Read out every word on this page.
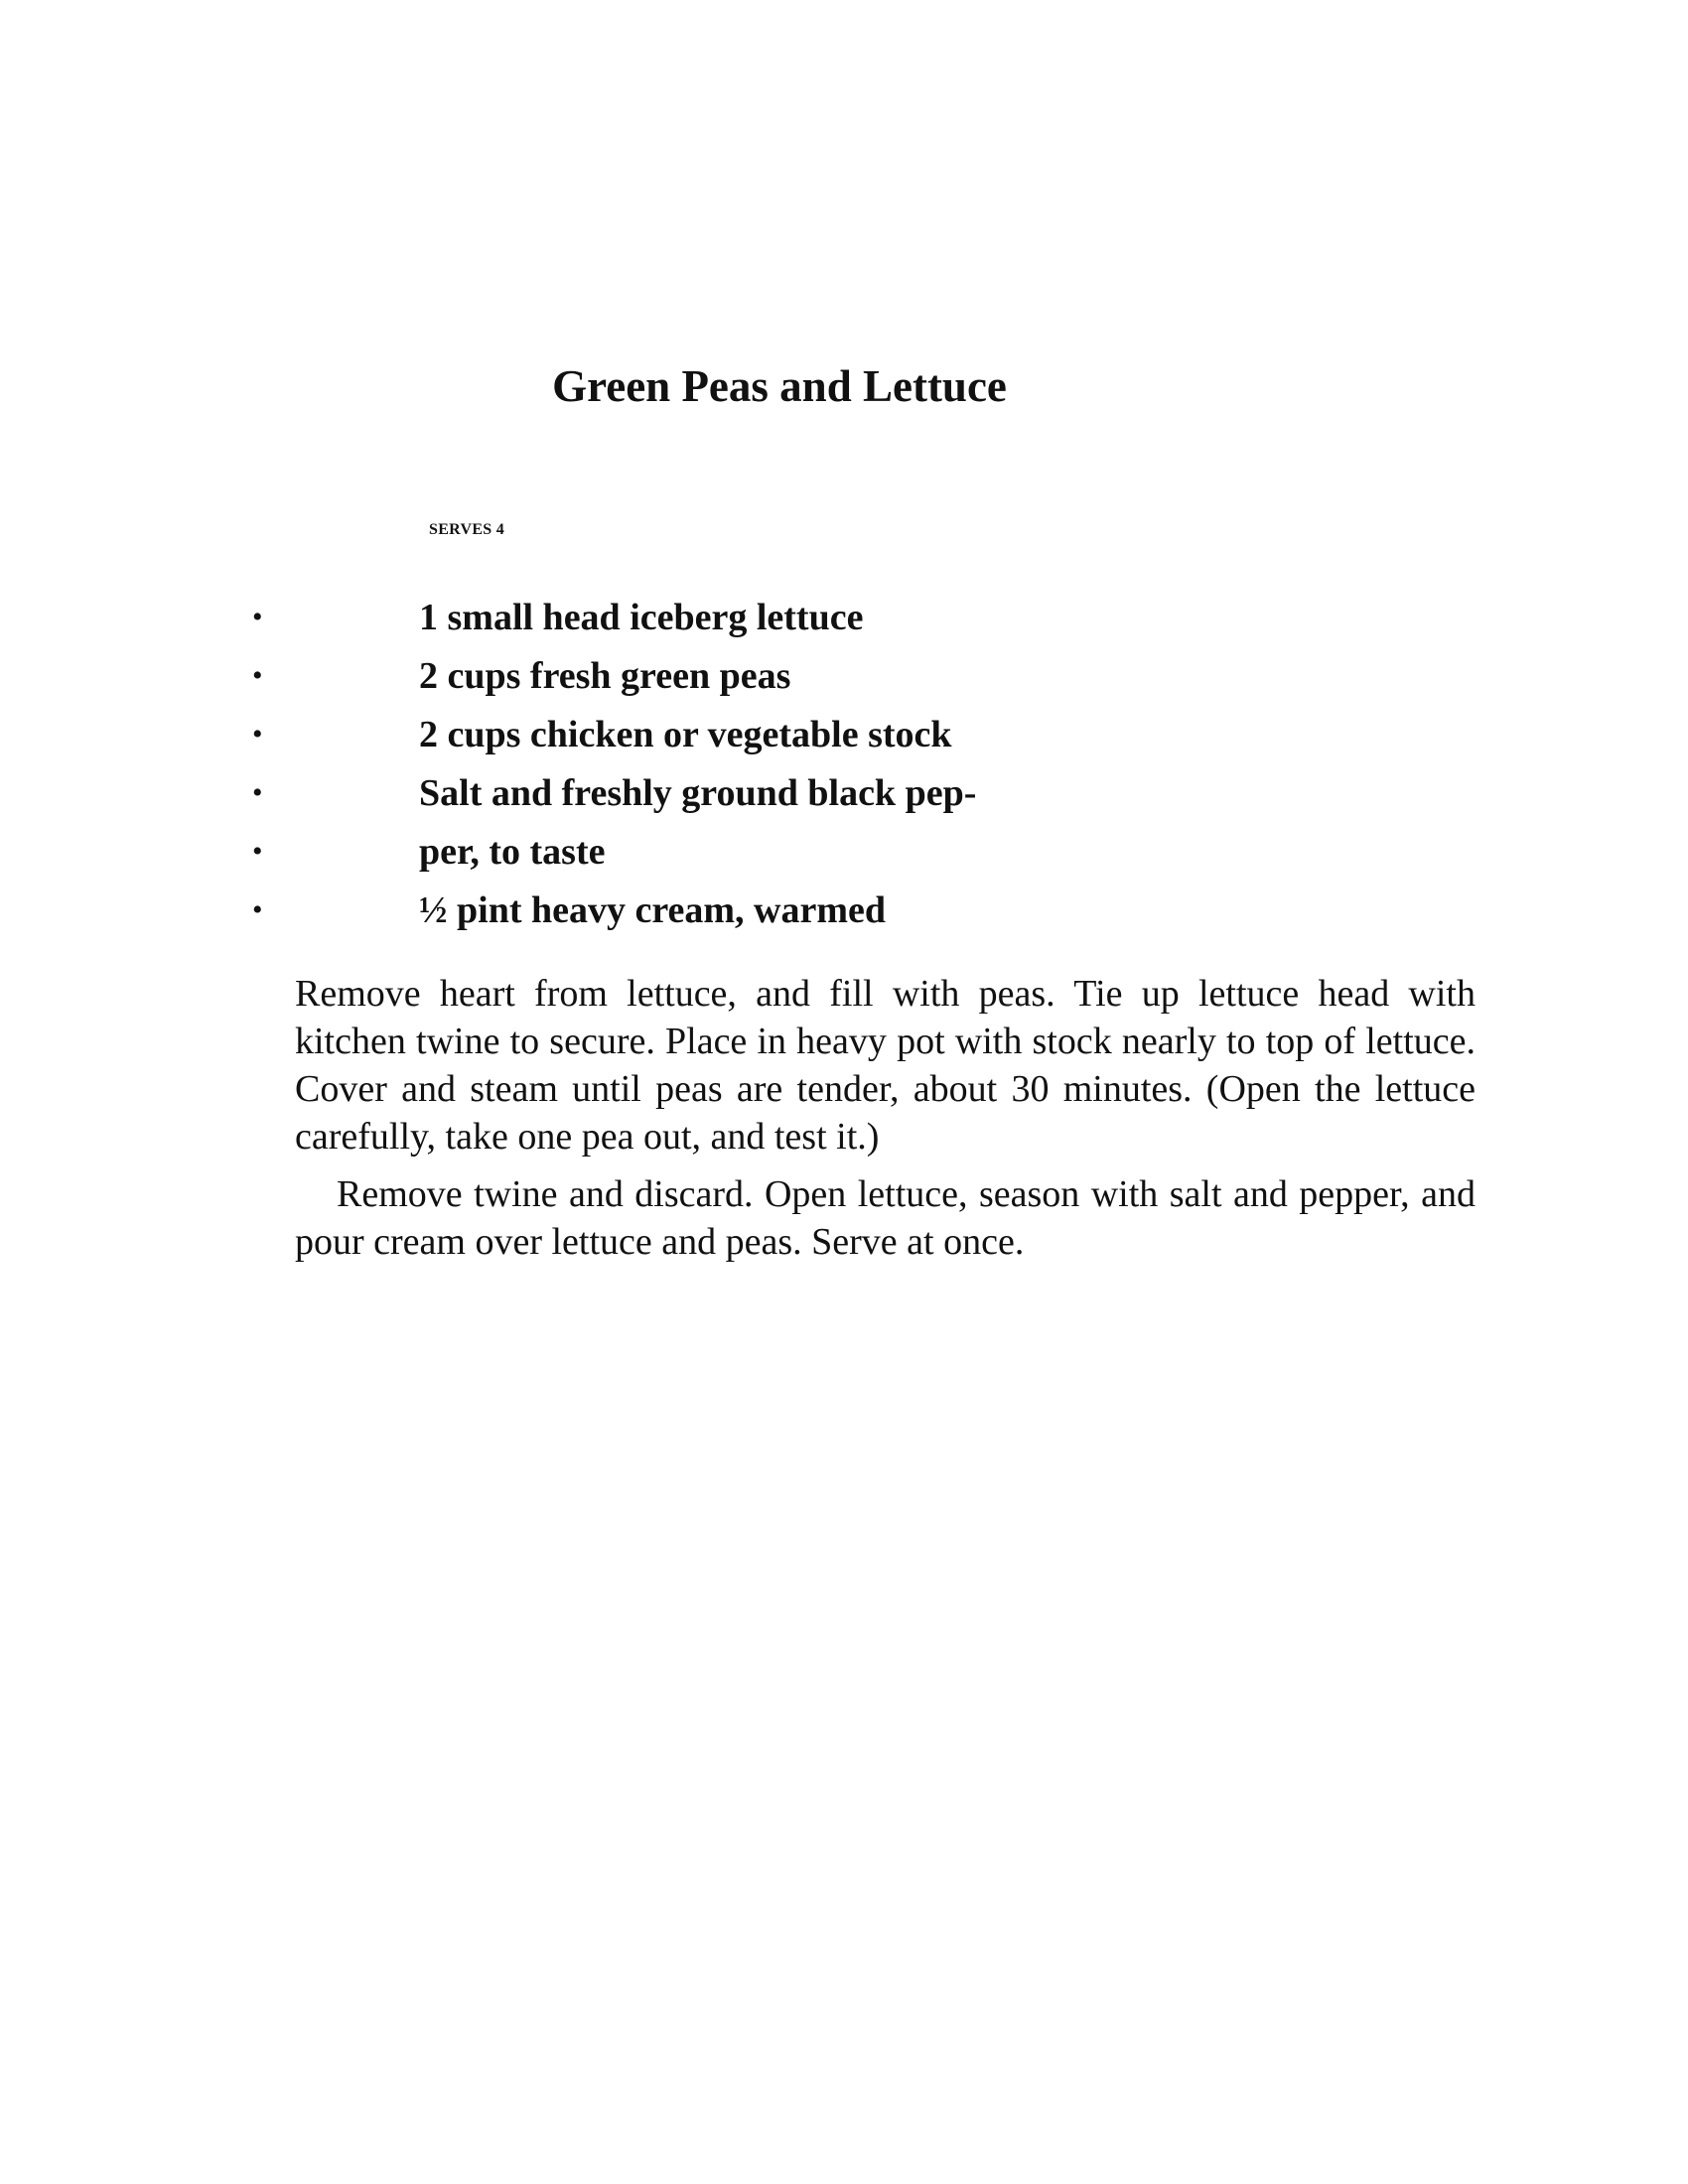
Green Peas and Lettuce
SERVES 4
•	1 small head iceberg lettuce
•	2 cups fresh green peas
•	2 cups chicken or vegetable stock
•	Salt and freshly ground black pep-
•	per, to taste
•	½ pint heavy cream, warmed

Remove heart from lettuce, and fill with peas. Tie up lettuce head with kitchen twine to secure. Place in heavy pot with stock nearly to top of lettuce. Cover and steam until peas are tender, about 30 minutes. (Open the lettuce carefully, take one pea out, and test it.)

Remove twine and discard. Open lettuce, season with salt and pepper, and pour cream over lettuce and peas. Serve at once.
